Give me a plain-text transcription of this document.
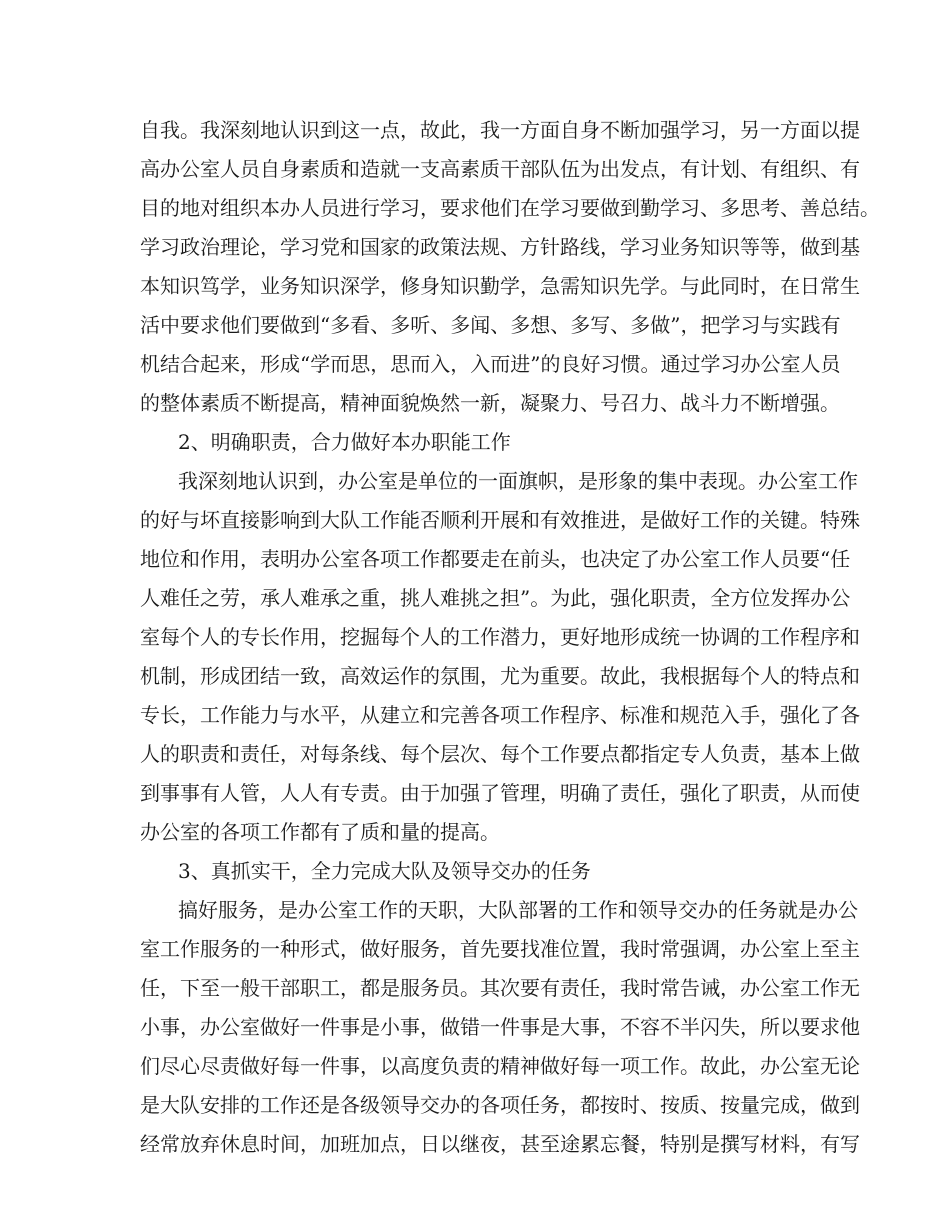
自我。我深刻地认识到这一点，故此，我一方面自身不断加强学习，另一方面以提
高办公室人员自身素质和造就一支高素质干部队伍为出发点，有计划、有组织、有
目的地对组织本办人员进行学习，要求他们在学习要做到勤学习、多思考、善总结。
学习政治理论，学习党和国家的政策法规、方针路线，学习业务知识等等，做到基
本知识笃学，业务知识深学，修身知识勤学，急需知识先学。与此同时，在日常生
活中要求他们要做到“多看、多听、多闻、多想、多写、多做”，把学习与实践有
机结合起来，形成“学而思，思而入，入而进”的良好习惯。通过学习办公室人员
的整体素质不断提高，精神面貌焕然一新，凝聚力、号召力、战斗力不断增强。
2、明确职责，合力做好本办职能工作
我深刻地认识到，办公室是单位的一面旗帜，是形象的集中表现。办公室工作
的好与坏直接影响到大队工作能否顺利开展和有效推进，是做好工作的关键。特殊
地位和作用，表明办公室各项工作都要走在前头，也决定了办公室工作人员要“任
人难任之劳，承人难承之重，挑人难挑之担”。为此，强化职责，全方位发挥办公
室每个人的专长作用，挖掘每个人的工作潜力，更好地形成统一协调的工作程序和
机制，形成团结一致，高效运作的氛围，尤为重要。故此，我根据每个人的特点和
专长，工作能力与水平，从建立和完善各项工作程序、标准和规范入手，强化了各
人的职责和责任，对每条线、每个层次、每个工作要点都指定专人负责，基本上做
到事事有人管，人人有专责。由于加强了管理，明确了责任，强化了职责，从而使
办公室的各项工作都有了质和量的提高。
3、真抓实干，全力完成大队及领导交办的任务
搞好服务，是办公室工作的天职，大队部署的工作和领导交办的任务就是办公
室工作服务的一种形式，做好服务，首先要找准位置，我时常强调，办公室上至主
任，下至一般干部职工，都是服务员。其次要有责任，我时常告诫，办公室工作无
小事，办公室做好一件事是小事，做错一件事是大事，不容不半闪失，所以要求他
们尽心尽责做好每一件事，以高度负责的精神做好每一项工作。故此，办公室无论
是大队安排的工作还是各级领导交办的各项任务，都按时、按质、按量完成，做到
经常放弃休息时间，加班加点，日以继夜，甚至途累忘餐，特别是撰写材料，有写
